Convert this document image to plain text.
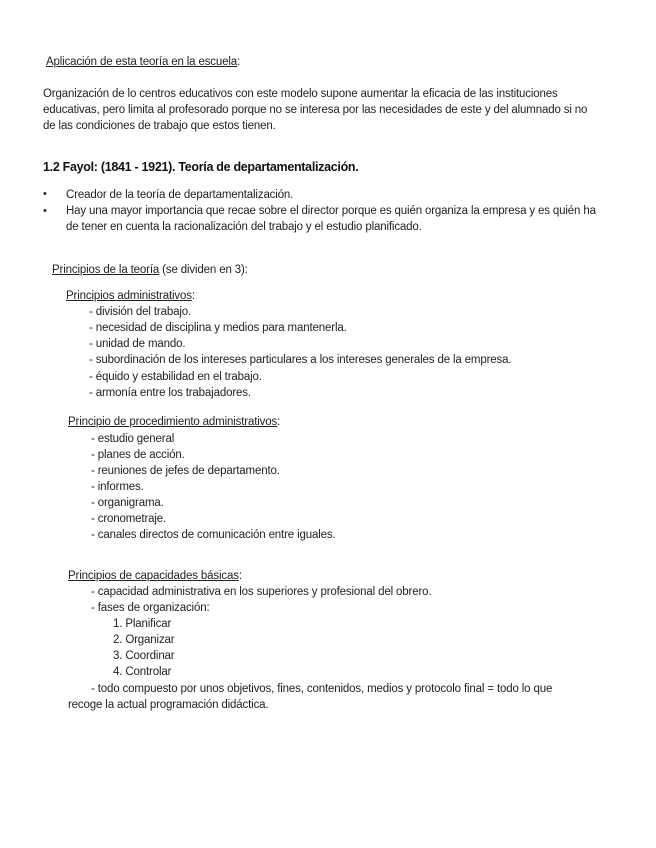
Aplicación de esta teoría en la escuela:
Organización de lo centros educativos con este modelo supone aumentar la eficacia de las instituciones
educativas, pero limita al profesorado porque no se interesa por las necesidades de este y del alumnado si no
de las condiciones de trabajo que estos tienen.
1.2 Fayol: (1841 - 1921). Teoría de departamentalización.
• Creador de la teoría de departamentalización.
• Hay una mayor importancia que recae sobre el director porque es quién organiza la empresa y es quién ha
de tener en cuenta la racionalización del trabajo y el estudio planificado.
Principios de la teoría (se dividen en 3):
Principios administrativos:
- división del trabajo.
- necesidad de disciplina y medios para mantenerla.
- unidad de mando.
- subordinación de los intereses particulares a los intereses generales de la empresa.
- équido y estabilidad en el trabajo.
- armonía entre los trabajadores.
Principio de procedimiento administrativos:
- estudio general
- planes de acción.
- reuniones de jefes de departamento.
- informes.
- organigrama.
- cronometraje.
- canales directos de comunicación entre iguales.
Principios de capacidades básicas:
- capacidad administrativa en los superiores y profesional del obrero.
- fases de organización:
1. Planificar
2. Organizar
3. Coordinar
4. Controlar
- todo compuesto por unos objetivos, fines, contenidos, medios y protocolo final = todo lo que
recoge la actual programación didáctica.
